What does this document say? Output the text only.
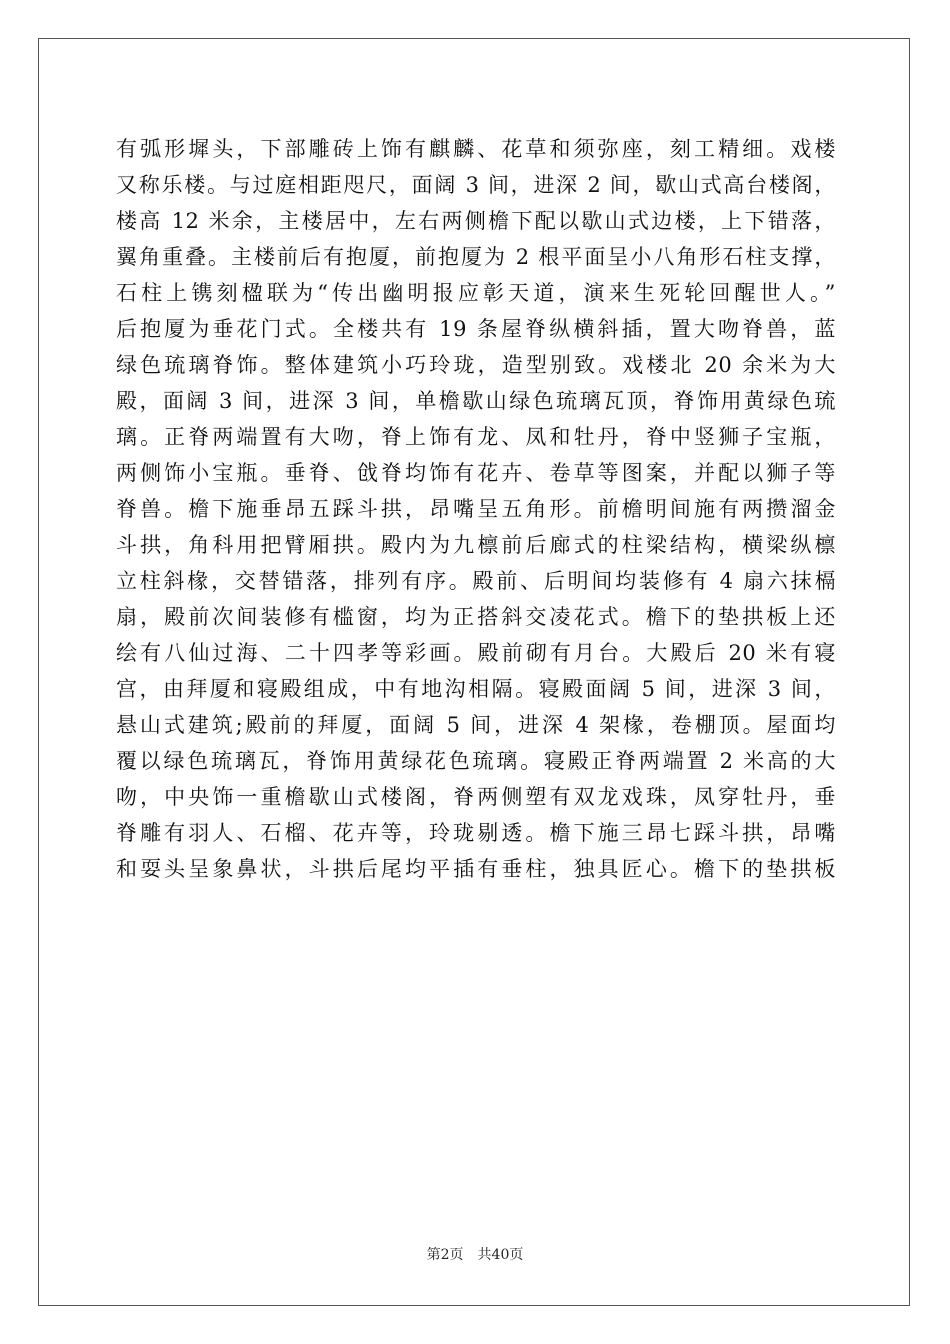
有弧形墀头，下部雕砖上饰有麒麟、花草和须弥座，刻工精细。戏楼
又称乐楼。与过庭相距咫尺，面阔 3 间，进深 2 间，歇山式高台楼阁，
楼高 12 米余，主楼居中，左右两侧檐下配以歇山式边楼，上下错落，
翼角重叠。主楼前后有抱厦，前抱厦为 2 根平面呈小八角形石柱支撑，
石柱上镌刻楹联为“传出幽明报应彰天道，演来生死轮回醒世人。”
后抱厦为垂花门式。全楼共有 19 条屋脊纵横斜插，置大吻脊兽，蓝
绿色琉璃脊饰。整体建筑小巧玲珑，造型别致。戏楼北 20 余米为大
殿，面阔 3 间，进深 3 间，单檐歇山绿色琉璃瓦顶，脊饰用黄绿色琉
璃。正脊两端置有大吻，脊上饰有龙、凤和牡丹，脊中竖狮子宝瓶，
两侧饰小宝瓶。垂脊、戗脊均饰有花卉、卷草等图案，并配以狮子等
脊兽。檐下施垂昂五踩斗拱，昂嘴呈五角形。前檐明间施有两攒溜金
斗拱，角科用把臂厢拱。殿内为九檩前后廊式的柱梁结构，横梁纵檩
立柱斜椽，交替错落，排列有序。殿前、后明间均装修有 4 扇六抹槅
扇，殿前次间装修有槛窗，均为正搭斜交凌花式。檐下的垫拱板上还
绘有八仙过海、二十四孝等彩画。殿前砌有月台。大殿后 20 米有寝
宫，由拜厦和寝殿组成，中有地沟相隔。寝殿面阔 5 间，进深 3 间，
悬山式建筑;殿前的拜厦，面阔 5 间，进深 4 架椽，卷棚顶。屋面均
覆以绿色琉璃瓦，脊饰用黄绿花色琉璃。寝殿正脊两端置 2 米高的大
吻，中央饰一重檐歇山式楼阁，脊两侧塑有双龙戏珠，凤穿牡丹，垂
脊雕有羽人、石榴、花卉等，玲珑剔透。檐下施三昂七踩斗拱，昂嘴
和耍头呈象鼻状，斗拱后尾均平插有垂柱，独具匠心。檐下的垫拱板
第2页 共40页
